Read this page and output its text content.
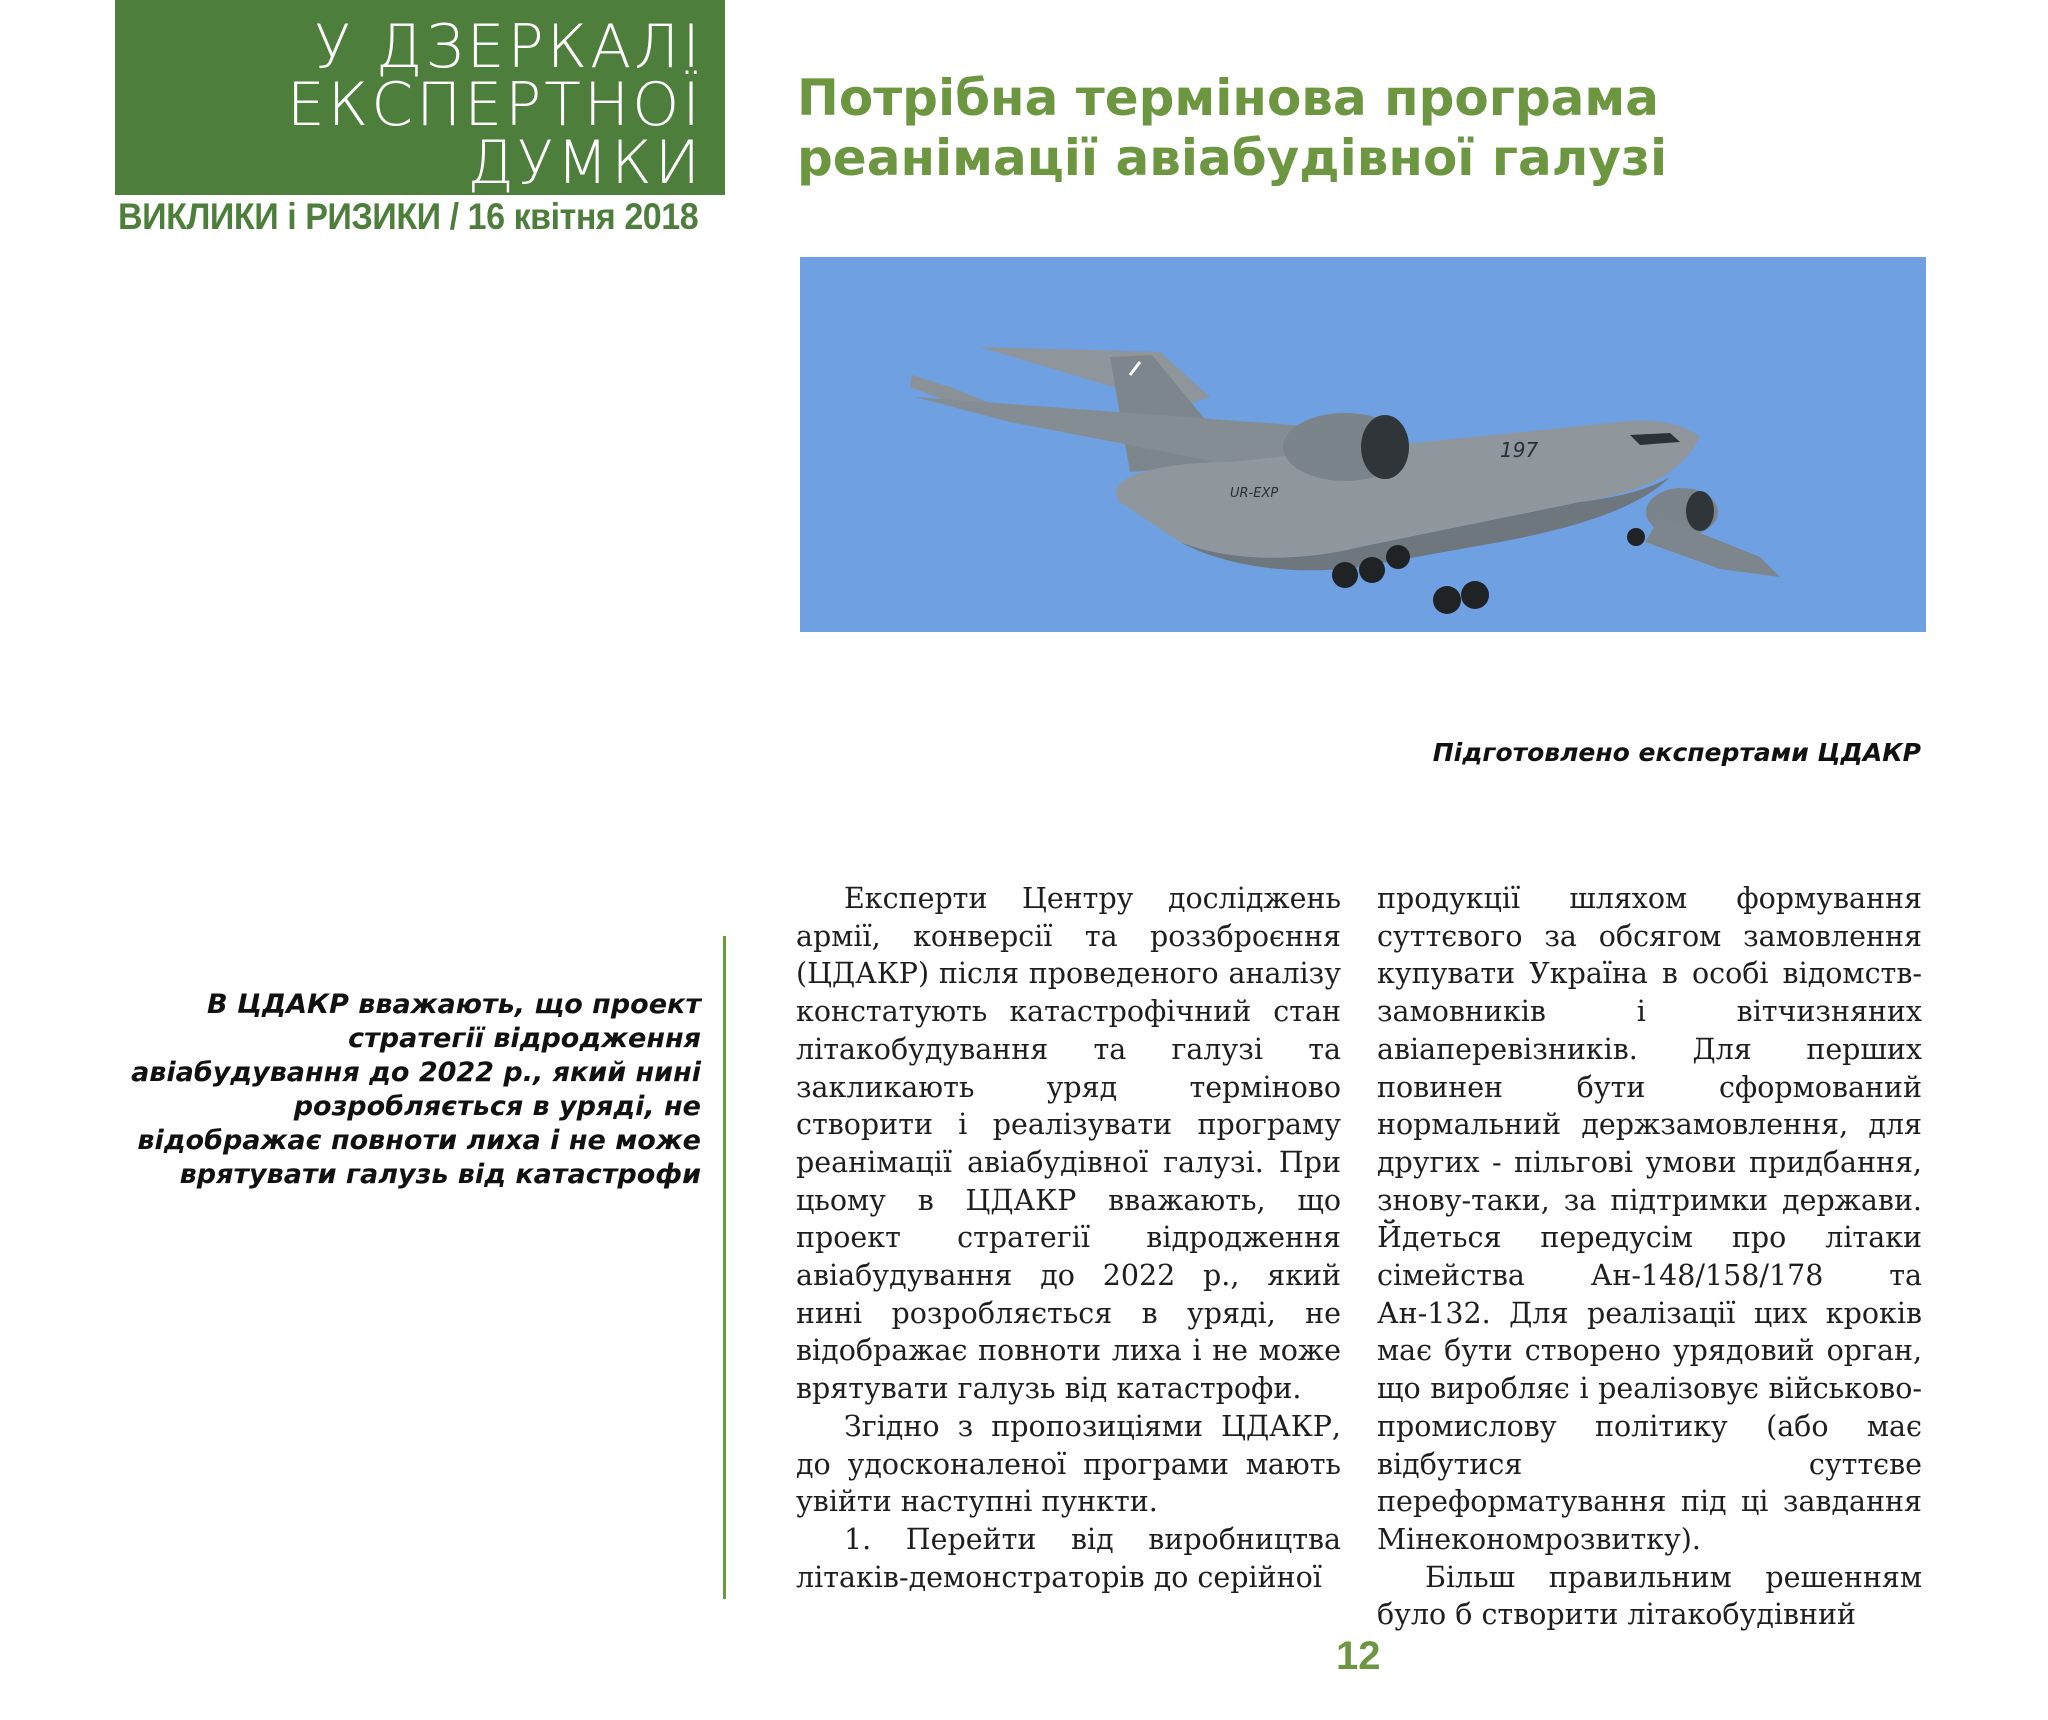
У ДЗЕРКАЛІ
ЕКСПЕРТНОЇ
ДУМКИ
ВИКЛИКИ і РИЗИКИ / 16 квітня 2018
Потрібна термінова програма реанімації авіабудівної галузі
UR-EXP
197
Підготовлено експертами ЦДАКР
В ЦДАКР вважають, що проект стратегії відродження авіабудування до 2022 р., який нині розробляється в уряді, не відображає повноти лиха і не може врятувати галузь від катастрофи

Експерти Центру досліджень армії, конверсії та роззброєння (ЦДАКР) після проведеного аналізу констатують катастрофічний стан літакобудування та галузі та закликають уряд терміново створити і реалізувати програму реанімації авіабудівної галузі. При цьому в ЦДАКР вважають, що проект стратегії відродження авіабудування до 2022 р., який нині розробляється в уряді, не відображає повноти лиха і не може врятувати галузь від катастрофи.

Згідно з пропозиціями ЦДАКР, до удосконаленої програми мають увійти наступні пункти.

1. Перейти від виробництва літаків-демонстраторів до серійної

продукції шляхом формування суттєвого за обсягом замовлення купувати Україна в особі відомств-замовників і вітчизняних авіаперевізників. Для перших повинен бути сформований нормальний держзамовлення, для других - пільгові умови придбання, знову-таки, за підтримки держави. Йдеться передусім про літаки сімейства Ан-148/158/178 та Ан-132. Для реалізації цих кроків має бути створено урядовий орган, що виробляє і реалізовує військово-промислову політику (або має відбутися суттєве переформатування під ці завдання Мінекономрозвитку).

Більш правильним решенням було б створити літакобудівний

12
